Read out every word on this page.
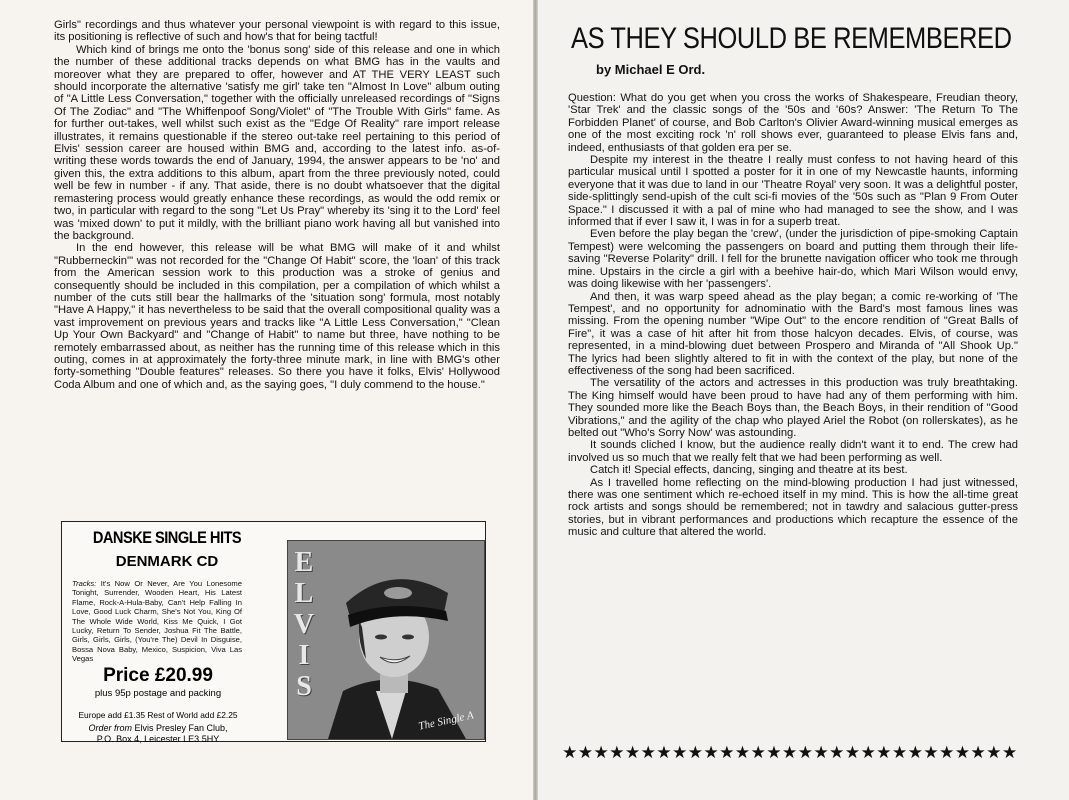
Girls" recordings and thus whatever your personal viewpoint is with regard to this issue, its positioning is reflective of such and how's that for being tactful!

Which kind of brings me onto the 'bonus song' side of this release and one in which the number of these additional tracks depends on what BMG has in the vaults and moreover what they are prepared to offer, however and AT THE VERY LEAST such should incorporate the alternative 'satisfy me girl' take ten "Almost In Love" album outing of "A Little Less Conversation," together with the officially unreleased recordings of "Signs Of The Zodiac" and "The Whiffenpoof Song/Violet" of "The Trouble With Girls" fame. As for further out-takes, well whilst such exist as the "Edge Of Reality" rare import release illustrates, it remains questionable if the stereo out-take reel pertaining to this period of Elvis' session career are housed within BMG and, according to the latest info. as-of-writing these words towards the end of January, 1994, the answer appears to be 'no' and given this, the extra additions to this album, apart from the three previously noted, could well be few in number - if any. That aside, there is no doubt whatsoever that the digital remastering process would greatly enhance these recordings, as would the odd remix or two, in particular with regard to the song "Let Us Pray" whereby its 'sing it to the Lord' feel was 'mixed down' to put it mildly, with the brilliant piano work having all but vanished into the background.

In the end however, this release will be what BMG will make of it and whilst "Rubberneckin'" was not recorded for the "Change Of Habit" score, the 'loan' of this track from the American session work to this production was a stroke of genius and consequently should be included in this compilation, per a compilation of which whilst a number of the cuts still bear the hallmarks of the 'situation song' formula, most notably "Have A Happy," it has nevertheless to be said that the overall compositional quality was a vast improvement on previous years and tracks like "A Little Less Conversation," "Clean Up Your Own Backyard" and "Change of Habit" to name but three, have nothing to be remotely embarrassed about, as neither has the running time of this release which in this outing, comes in at approximately the forty-three minute mark, in line with BMG's other forty-something "Double features" releases. So there you have it folks, Elvis' Hollywood Coda Album and one of which and, as the saying goes, "I duly commend to the house."

DANSKE SINGLE HITS
DENMARK CD
Tracks: It's Now Or Never, Are You Lonesome Tonight, Surrender, Wooden Heart, His Latest Flame, Rock-A-Hula-Baby, Can't Help Falling In Love, Good Luck Charm, She's Not You, King Of The Whole Wide World, Kiss Me Quick, I Got Lucky, Return To Sender, Joshua Fit The Battle, Girls, Girls, Girls, (You're The) Devil In Disguise, Bossa Nova Baby, Mexico, Suspicion, Viva Las Vegas
Price £20.99
plus 95p postage and packing
Europe add £1.35 Rest of World add £2.25
Order from Elvis Presley Fan Club,
P.O. Box 4, Leicester LE3 5HY
E
L
V
I
S
The Single A
AS THEY SHOULD BE REMEMBERED
by Michael E Ord.

Question: What do you get when you cross the works of Shakespeare, Freudian theory, 'Star Trek' and the classic songs of the '50s and '60s? Answer: 'The Return To The Forbidden Planet' of course, and Bob Carlton's Olivier Award-winning musical emerges as one of the most exciting rock 'n' roll shows ever, guaranteed to please Elvis fans and, indeed, enthusiasts of that golden era per se.

Despite my interest in the theatre I really must confess to not having heard of this particular musical until I spotted a poster for it in one of my Newcastle haunts, informing everyone that it was due to land in our 'Theatre Royal' very soon. It was a delightful poster, side-splittingly send-upish of the cult sci-fi movies of the '50s such as "Plan 9 From Outer Space." I discussed it with a pal of mine who had managed to see the show, and I was informed that if ever I saw it, I was in for a superb treat.

Even before the play began the 'crew', (under the jurisdiction of pipe-smoking Captain Tempest) were welcoming the passengers on board and putting them through their life-saving "Reverse Polarity" drill. I fell for the brunette navigation officer who took me through mine. Upstairs in the circle a girl with a beehive hair-do, which Mari Wilson would envy, was doing likewise with her 'passengers'.

And then, it was warp speed ahead as the play began; a comic re-working of 'The Tempest', and no opportunity for adnominatio with the Bard's most famous lines was missing. From the opening number "Wipe Out" to the encore rendition of "Great Balls of Fire", it was a case of hit after hit from those halcyon decades. Elvis, of course, was represented, in a mind-blowing duet between Prospero and Miranda of "All Shook Up." The lyrics had been slightly altered to fit in with the context of the play, but none of the effectiveness of the song had been sacrificed.

The versatility of the actors and actresses in this production was truly breathtaking. The King himself would have been proud to have had any of them performing with him. They sounded more like the Beach Boys than, the Beach Boys, in their rendition of "Good Vibrations," and the agility of the chap who played Ariel the Robot (on rollerskates), as he belted out "Who's Sorry Now' was astounding.

It sounds cliched I know, but the audience really didn't want it to end. The crew had involved us so much that we really felt that we had been performing as well.

Catch it! Special effects, dancing, singing and theatre at its best.

As I travelled home reflecting on the mind-blowing production I had just witnessed, there was one sentiment which re-echoed itself in my mind. This is how the all-time great rock artists and songs should be remembered; not in tawdry and salacious gutter-press stories, but in vibrant performances and productions which recapture the essence of the music and culture that altered the world.

★★★★★★★★★★★★★★★★★★★★★★★★★★★★★
